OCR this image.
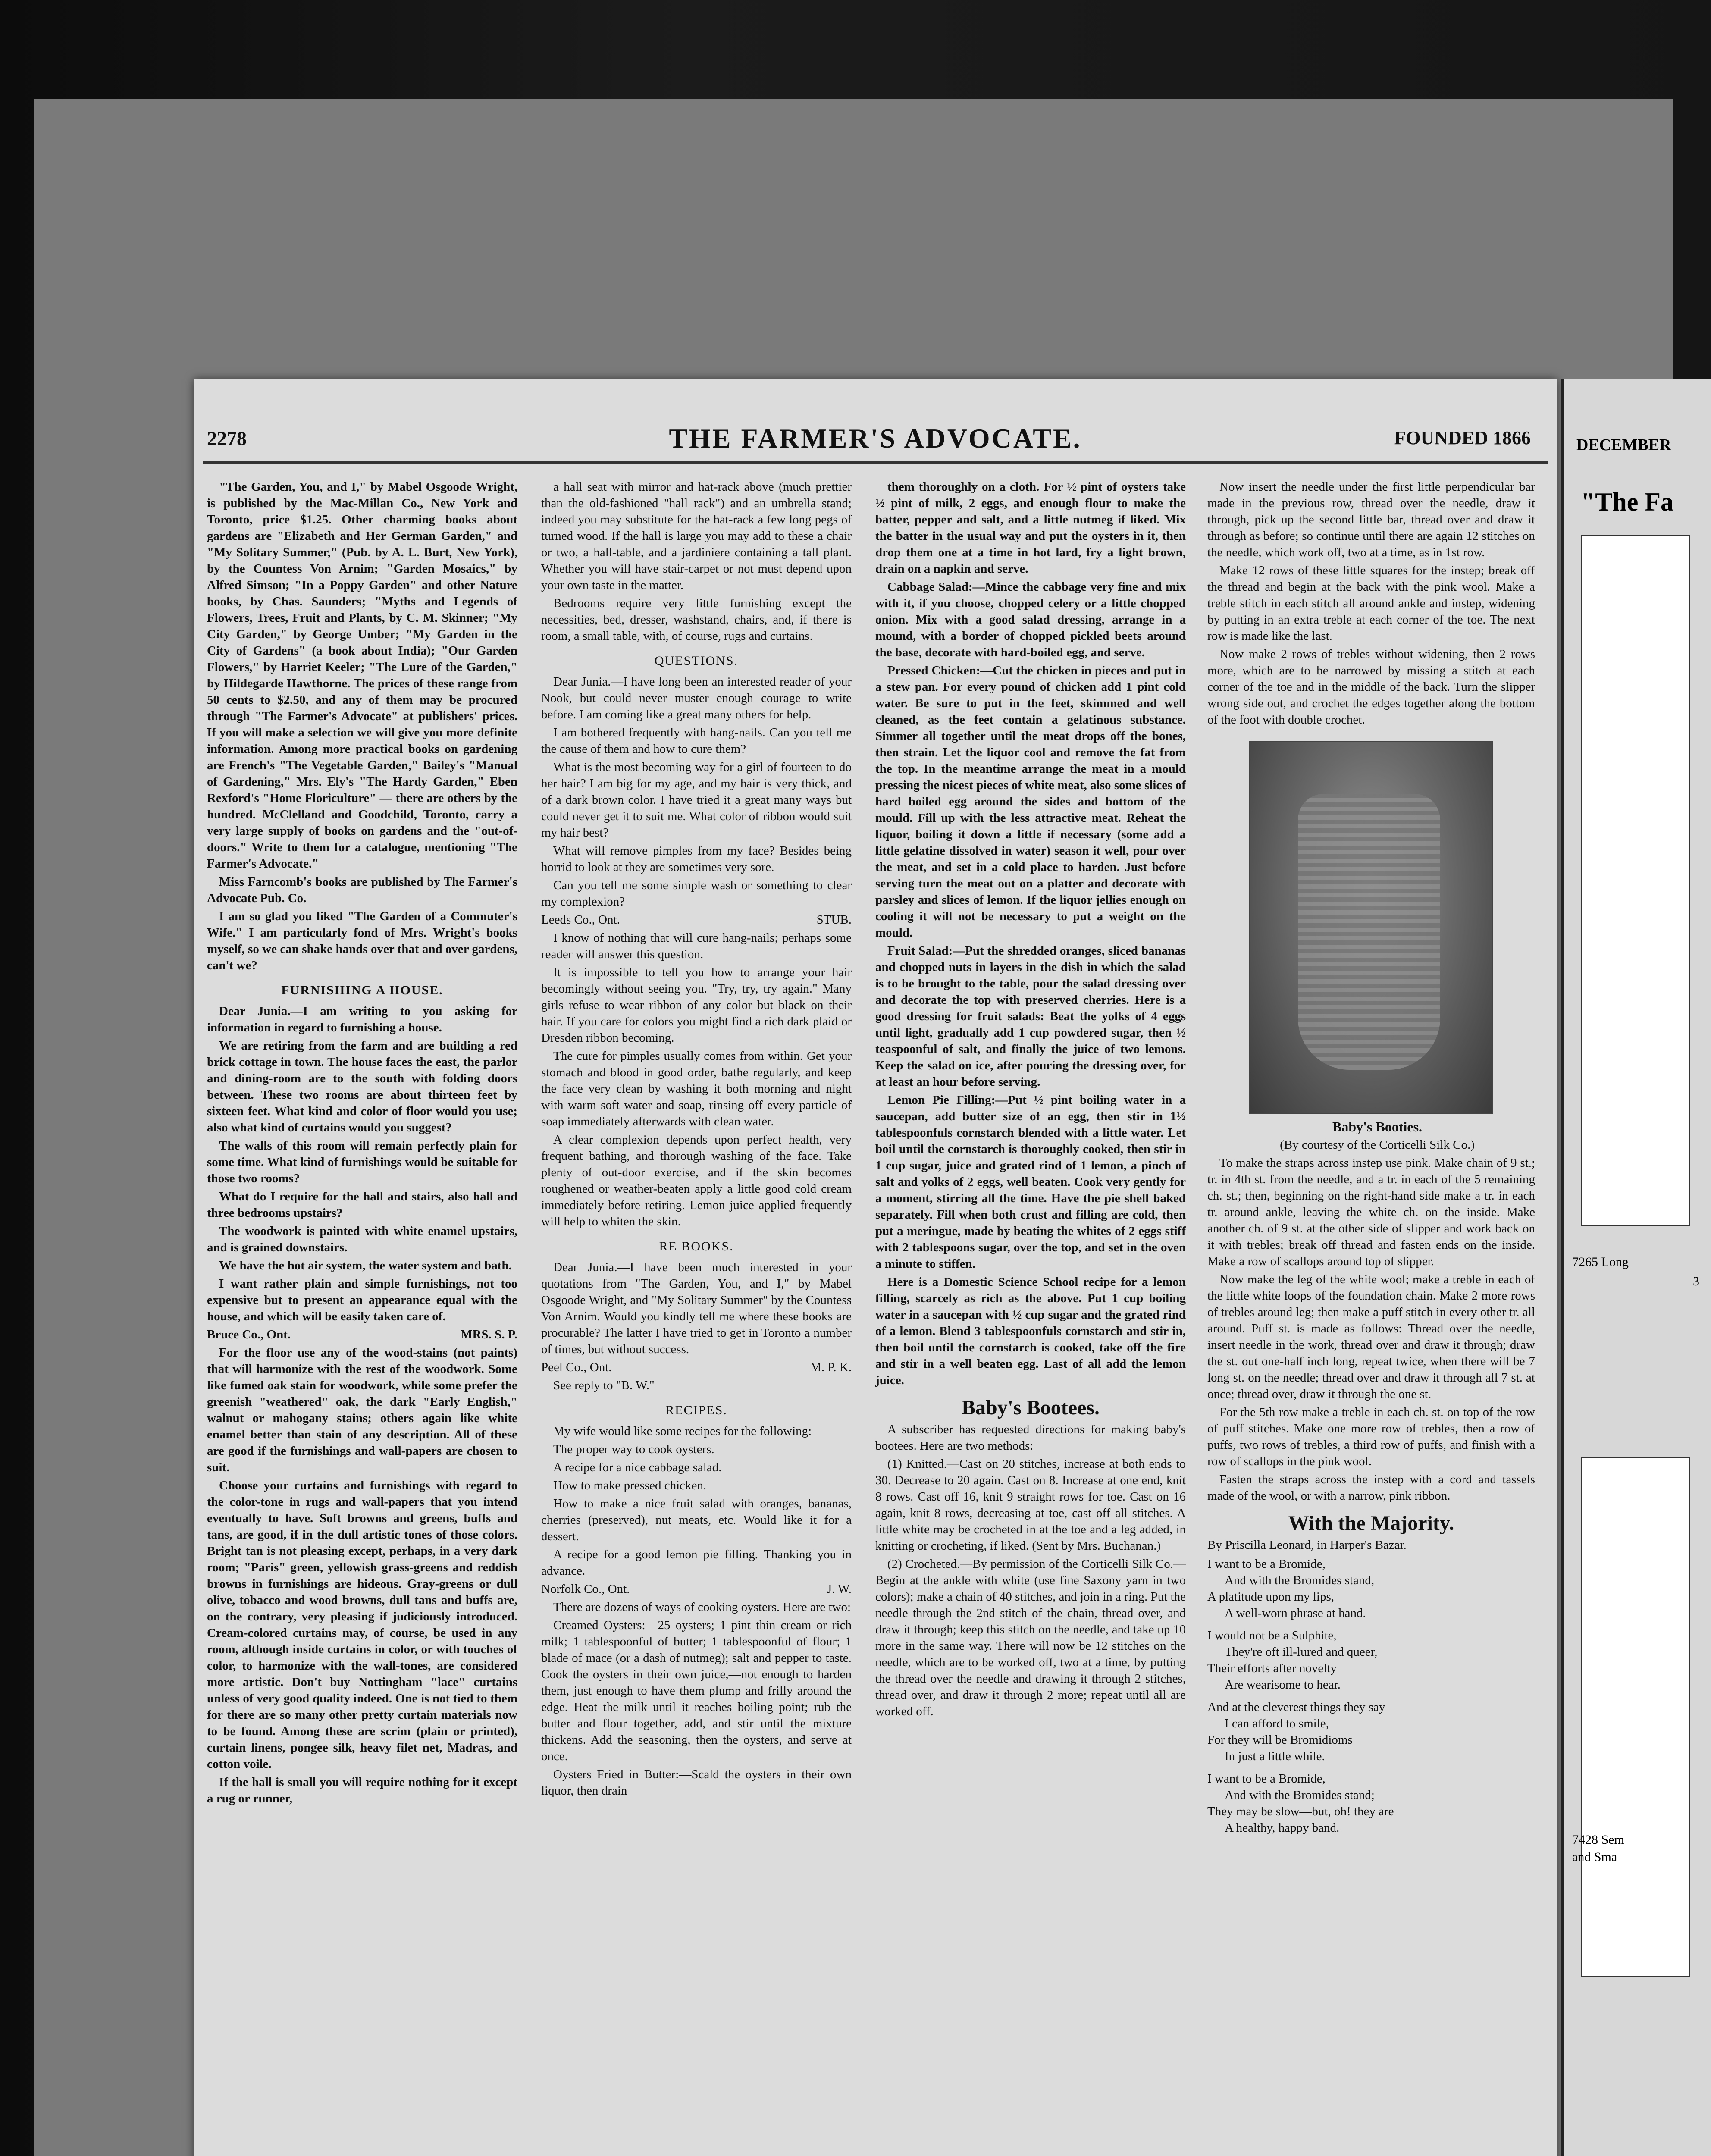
2278	THE FARMER'S ADVOCATE.	FOUNDED 1866

"The Garden, You, and I," by Mabel Osgoode Wright, is published by the Mac-Millan Co., New York and Toronto, price $1.25. Other charming books about gardens are "Elizabeth and Her German Garden," and "My Solitary Summer," (Pub. by A. L. Burt, New York), by the Countess Von Arnim; "Garden Mosaics," by Alfred Simson; "In a Poppy Garden" and other Nature books, by Chas. Saunders; "Myths and Legends of Flowers, Trees, Fruit and Plants, by C. M. Skinner; "My City Garden," by George Umber; "My Garden in the City of Gardens" (a book about India); "Our Garden Flowers," by Harriet Keeler; "The Lure of the Garden," by Hildegarde Hawthorne. The prices of these range from 50 cents to $2.50, and any of them may be procured through "The Farmer's Advocate" at publishers' prices. If you will make a selection we will give you more definite information. Among more practical books on gardening are French's "The Vegetable Garden," Bailey's "Manual of Gardening," Mrs. Ely's "The Hardy Garden," Eben Rexford's "Home Floriculture" — there are others by the hundred. McClelland and Goodchild, Toronto, carry a very large supply of books on gardens and the "out-of-doors." Write to them for a catalogue, mentioning "The Farmer's Advocate."

Miss Farncomb's books are published by The Farmer's Advocate Pub. Co.

I am so glad you liked "The Garden of a Commuter's Wife." I am particularly fond of Mrs. Wright's books myself, so we can shake hands over that and over gardens, can't we?

FURNISHING A HOUSE.

Dear Junia.—I am writing to you asking for information in regard to furnishing a house.

We are retiring from the farm and are building a red brick cottage in town. The house faces the east, the parlor and dining-room are to the south with folding doors between. These two rooms are about thirteen feet by sixteen feet. What kind and color of floor would you use; also what kind of curtains would you suggest?

The walls of this room will remain perfectly plain for some time. What kind of furnishings would be suitable for those two rooms?

What do I require for the hall and stairs, also hall and three bedrooms upstairs?

The woodwork is painted with white enamel upstairs, and is grained downstairs.

We have the hot air system, the water system and bath.

I want rather plain and simple furnishings, not too expensive but to present an appearance equal with the house, and which will be easily taken care of.

Bruce Co., Ont.	MRS. S. P.

For the floor use any of the wood-stains (not paints) that will harmonize with the rest of the woodwork. Some like fumed oak stain for woodwork, while some prefer the greenish "weathered" oak, the dark "Early English," walnut or mahogany stains; others again like white enamel better than stain of any description. All of these are good if the furnishings and wall-papers are chosen to suit.

Choose your curtains and furnishings with regard to the color-tone in rugs and wall-papers that you intend eventually to have. Soft browns and greens, buffs and tans, are good, if in the dull artistic tones of those colors. Bright tan is not pleasing except, perhaps, in a very dark room; "Paris" green, yellowish grass-greens and reddish browns in furnishings are hideous. Gray-greens or dull olive, tobacco and wood browns, dull tans and buffs are, on the contrary, very pleasing if judiciously introduced. Cream-colored curtains may, of course, be used in any room, although inside curtains in color, or with touches of color, to harmonize with the wall-tones, are considered more artistic. Don't buy Nottingham "lace" curtains unless of very good quality indeed. One is not tied to them for there are so many other pretty curtain materials now to be found. Among these are scrim (plain or printed), curtain linens, pongee silk, heavy filet net, Madras, and cotton voile.

If the hall is small you will require nothing for it except a rug or runner,

a hall seat with mirror and hat-rack above (much prettier than the old-fashioned "hall rack") and an umbrella stand; indeed you may substitute for the hat-rack a few long pegs of turned wood. If the hall is large you may add to these a chair or two, a hall-table, and a jardiniere containing a tall plant. Whether you will have stair-carpet or not must depend upon your own taste in the matter.

Bedrooms require very little furnishing except the necessities, bed, dresser, washstand, chairs, and, if there is room, a small table, with, of course, rugs and curtains.

QUESTIONS.

Dear Junia.—I have long been an interested reader of your Nook, but could never muster enough courage to write before. I am coming like a great many others for help.

I am bothered frequently with hang-nails. Can you tell me the cause of them and how to cure them?

What is the most becoming way for a girl of fourteen to do her hair? I am big for my age, and my hair is very thick, and of a dark brown color. I have tried it a great many ways but could never get it to suit me. What color of ribbon would suit my hair best?

What will remove pimples from my face? Besides being horrid to look at they are sometimes very sore.

Can you tell me some simple wash or something to clear my complexion?

Leeds Co., Ont.	STUB.

I know of nothing that will cure hang-nails; perhaps some reader will answer this question.

It is impossible to tell you how to arrange your hair becomingly without seeing you. "Try, try, try again." Many girls refuse to wear ribbon of any color but black on their hair. If you care for colors you might find a rich dark plaid or Dresden ribbon becoming.

The cure for pimples usually comes from within. Get your stomach and blood in good order, bathe regularly, and keep the face very clean by washing it both morning and night with warm soft water and soap, rinsing off every particle of soap immediately afterwards with clean water.

A clear complexion depends upon perfect health, very frequent bathing, and thorough washing of the face. Take plenty of out-door exercise, and if the skin becomes roughened or weather-beaten apply a little good cold cream immediately before retiring. Lemon juice applied frequently will help to whiten the skin.

RE BOOKS.

Dear Junia.—I have been much interested in your quotations from "The Garden, You, and I," by Mabel Osgoode Wright, and "My Solitary Summer" by the Countess Von Arnim. Would you kindly tell me where these books are procurable? The latter I have tried to get in Toronto a number of times, but without success.

Peel Co., Ont.	M. P. K.

See reply to "B. W."

RECIPES.

My wife would like some recipes for the following:

The proper way to cook oysters.

A recipe for a nice cabbage salad.

How to make pressed chicken.

How to make a nice fruit salad with oranges, bananas, cherries (preserved), nut meats, etc. Would like it for a dessert.

A recipe for a good lemon pie filling. Thanking you in advance.

Norfolk Co., Ont.	J. W.

There are dozens of ways of cooking oysters. Here are two:

Creamed Oysters:—25 oysters; 1 pint thin cream or rich milk; 1 tablespoonful of butter; 1 tablespoonful of flour; 1 blade of mace (or a dash of nutmeg); salt and pepper to taste. Cook the oysters in their own juice,—not enough to harden them, just enough to have them plump and frilly around the edge. Heat the milk until it reaches boiling point; rub the butter and flour together, add, and stir until the mixture thickens. Add the seasoning, then the oysters, and serve at once.

Oysters Fried in Butter:—Scald the oysters in their own liquor, then drain

them thoroughly on a cloth. For ½ pint of oysters take ½ pint of milk, 2 eggs, and enough flour to make the batter, pepper and salt, and a little nutmeg if liked. Mix the batter in the usual way and put the oysters in it, then drop them one at a time in hot lard, fry a light brown, drain on a napkin and serve.

Cabbage Salad:—Mince the cabbage very fine and mix with it, if you choose, chopped celery or a little chopped onion. Mix with a good salad dressing, arrange in a mound, with a border of chopped pickled beets around the base, decorate with hard-boiled egg, and serve.

Pressed Chicken:—Cut the chicken in pieces and put in a stew pan. For every pound of chicken add 1 pint cold water. Be sure to put in the feet, skimmed and well cleaned, as the feet contain a gelatinous substance. Simmer all together until the meat drops off the bones, then strain. Let the liquor cool and remove the fat from the top. In the meantime arrange the meat in a mould pressing the nicest pieces of white meat, also some slices of hard boiled egg around the sides and bottom of the mould. Fill up with the less attractive meat. Reheat the liquor, boiling it down a little if necessary (some add a little gelatine dissolved in water) season it well, pour over the meat, and set in a cold place to harden. Just before serving turn the meat out on a platter and decorate with parsley and slices of lemon. If the liquor jellies enough on cooling it will not be necessary to put a weight on the mould.

Fruit Salad:—Put the shredded oranges, sliced bananas and chopped nuts in layers in the dish in which the salad is to be brought to the table, pour the salad dressing over and decorate the top with preserved cherries. Here is a good dressing for fruit salads: Beat the yolks of 4 eggs until light, gradually add 1 cup powdered sugar, then ½ teaspoonful of salt, and finally the juice of two lemons. Keep the salad on ice, after pouring the dressing over, for at least an hour before serving.

Lemon Pie Filling:—Put ½ pint boiling water in a saucepan, add butter size of an egg, then stir in 1½ tablespoonfuls cornstarch blended with a little water. Let boil until the cornstarch is thoroughly cooked, then stir in 1 cup sugar, juice and grated rind of 1 lemon, a pinch of salt and yolks of 2 eggs, well beaten. Cook very gently for a moment, stirring all the time. Have the pie shell baked separately. Fill when both crust and filling are cold, then put a meringue, made by beating the whites of 2 eggs stiff with 2 tablespoons sugar, over the top, and set in the oven a minute to stiffen.

Here is a Domestic Science School recipe for a lemon filling, scarcely as rich as the above. Put 1 cup boiling water in a saucepan with ½ cup sugar and the grated rind of a lemon. Blend 3 tablespoonfuls cornstarch and stir in, then boil until the cornstarch is cooked, take off the fire and stir in a well beaten egg. Last of all add the lemon juice.

Baby's Bootees.

A subscriber has requested directions for making baby's bootees. Here are two methods:

(1) Knitted.—Cast on 20 stitches, increase at both ends to 30. Decrease to 20 again. Cast on 8. Increase at one end, knit 8 rows. Cast off 16, knit 9 straight rows for toe. Cast on 16 again, knit 8 rows, decreasing at toe, cast off all stitches. A little white may be crocheted in at the toe and a leg added, in knitting or crocheting, if liked. (Sent by Mrs. Buchanan.)

(2) Crocheted.—By permission of the Corticelli Silk Co.—Begin at the ankle with white (use fine Saxony yarn in two colors); make a chain of 40 stitches, and join in a ring. Put the needle through the 2nd stitch of the chain, thread over, and draw it through; keep this stitch on the needle, and take up 10 more in the same way. There will now be 12 stitches on the needle, which are to be worked off, two at a time, by putting the thread over the needle and drawing it through 2 stitches, thread over, and draw it through 2 more; repeat until all are worked off.

Now insert the needle under the first little perpendicular bar made in the previous row, thread over the needle, draw it through, pick up the second little bar, thread over and draw it through as before; so continue until there are again 12 stitches on the needle, which work off, two at a time, as in 1st row.

Make 12 rows of these little squares for the instep; break off the thread and begin at the back with the pink wool. Make a treble stitch in each stitch all around ankle and instep, widening by putting in an extra treble at each corner of the toe. The next row is made like the last.

Now make 2 rows of trebles without widening, then 2 rows more, which are to be narrowed by missing a stitch at each corner of the toe and in the middle of the back. Turn the slipper wrong side out, and crochet the edges together along the bottom of the foot with double crochet.

Baby's Booties.

(By courtesy of the Corticelli Silk Co.)

To make the straps across instep use pink. Make chain of 9 st.; tr. in 4th st. from the needle, and a tr. in each of the 5 remaining ch. st.; then, beginning on the right-hand side make a tr. in each tr. around ankle, leaving the white ch. on the inside. Make another ch. of 9 st. at the other side of slipper and work back on it with trebles; break off thread and fasten ends on the inside. Make a row of scallops around top of slipper.

Now make the leg of the white wool; make a treble in each of the little white loops of the foundation chain. Make 2 more rows of trebles around leg; then make a puff stitch in every other tr. all around. Puff st. is made as follows: Thread over the needle, insert needle in the work, thread over and draw it through; draw the st. out one-half inch long, repeat twice, when there will be 7 long st. on the needle; thread over and draw it through all 7 st. at once; thread over, draw it through the one st.

For the 5th row make a treble in each ch. st. on top of the row of puff stitches. Make one more row of trebles, then a row of puffs, two rows of trebles, a third row of puffs, and finish with a row of scallops in the pink wool.

Fasten the straps across the instep with a cord and tassels made of the wool, or with a narrow, pink ribbon.

With the Majority.

By Priscilla Leonard, in Harper's Bazar.

I want to be a Bromide,
And with the Bromides stand,
A platitude upon my lips,
A well-worn phrase at hand.
I would not be a Sulphite,
They're oft ill-lured and queer,
Their efforts after novelty
Are wearisome to hear.
And at the cleverest things they say
I can afford to smile,
For they will be Bromidioms
In just a little while.
I want to be a Bromide,
And with the Bromides stand;
They may be slow—but, oh! they are
A healthy, happy band.
DECEMBER
"The Fa
7265 Long
3
7428 Sem
and Sma
